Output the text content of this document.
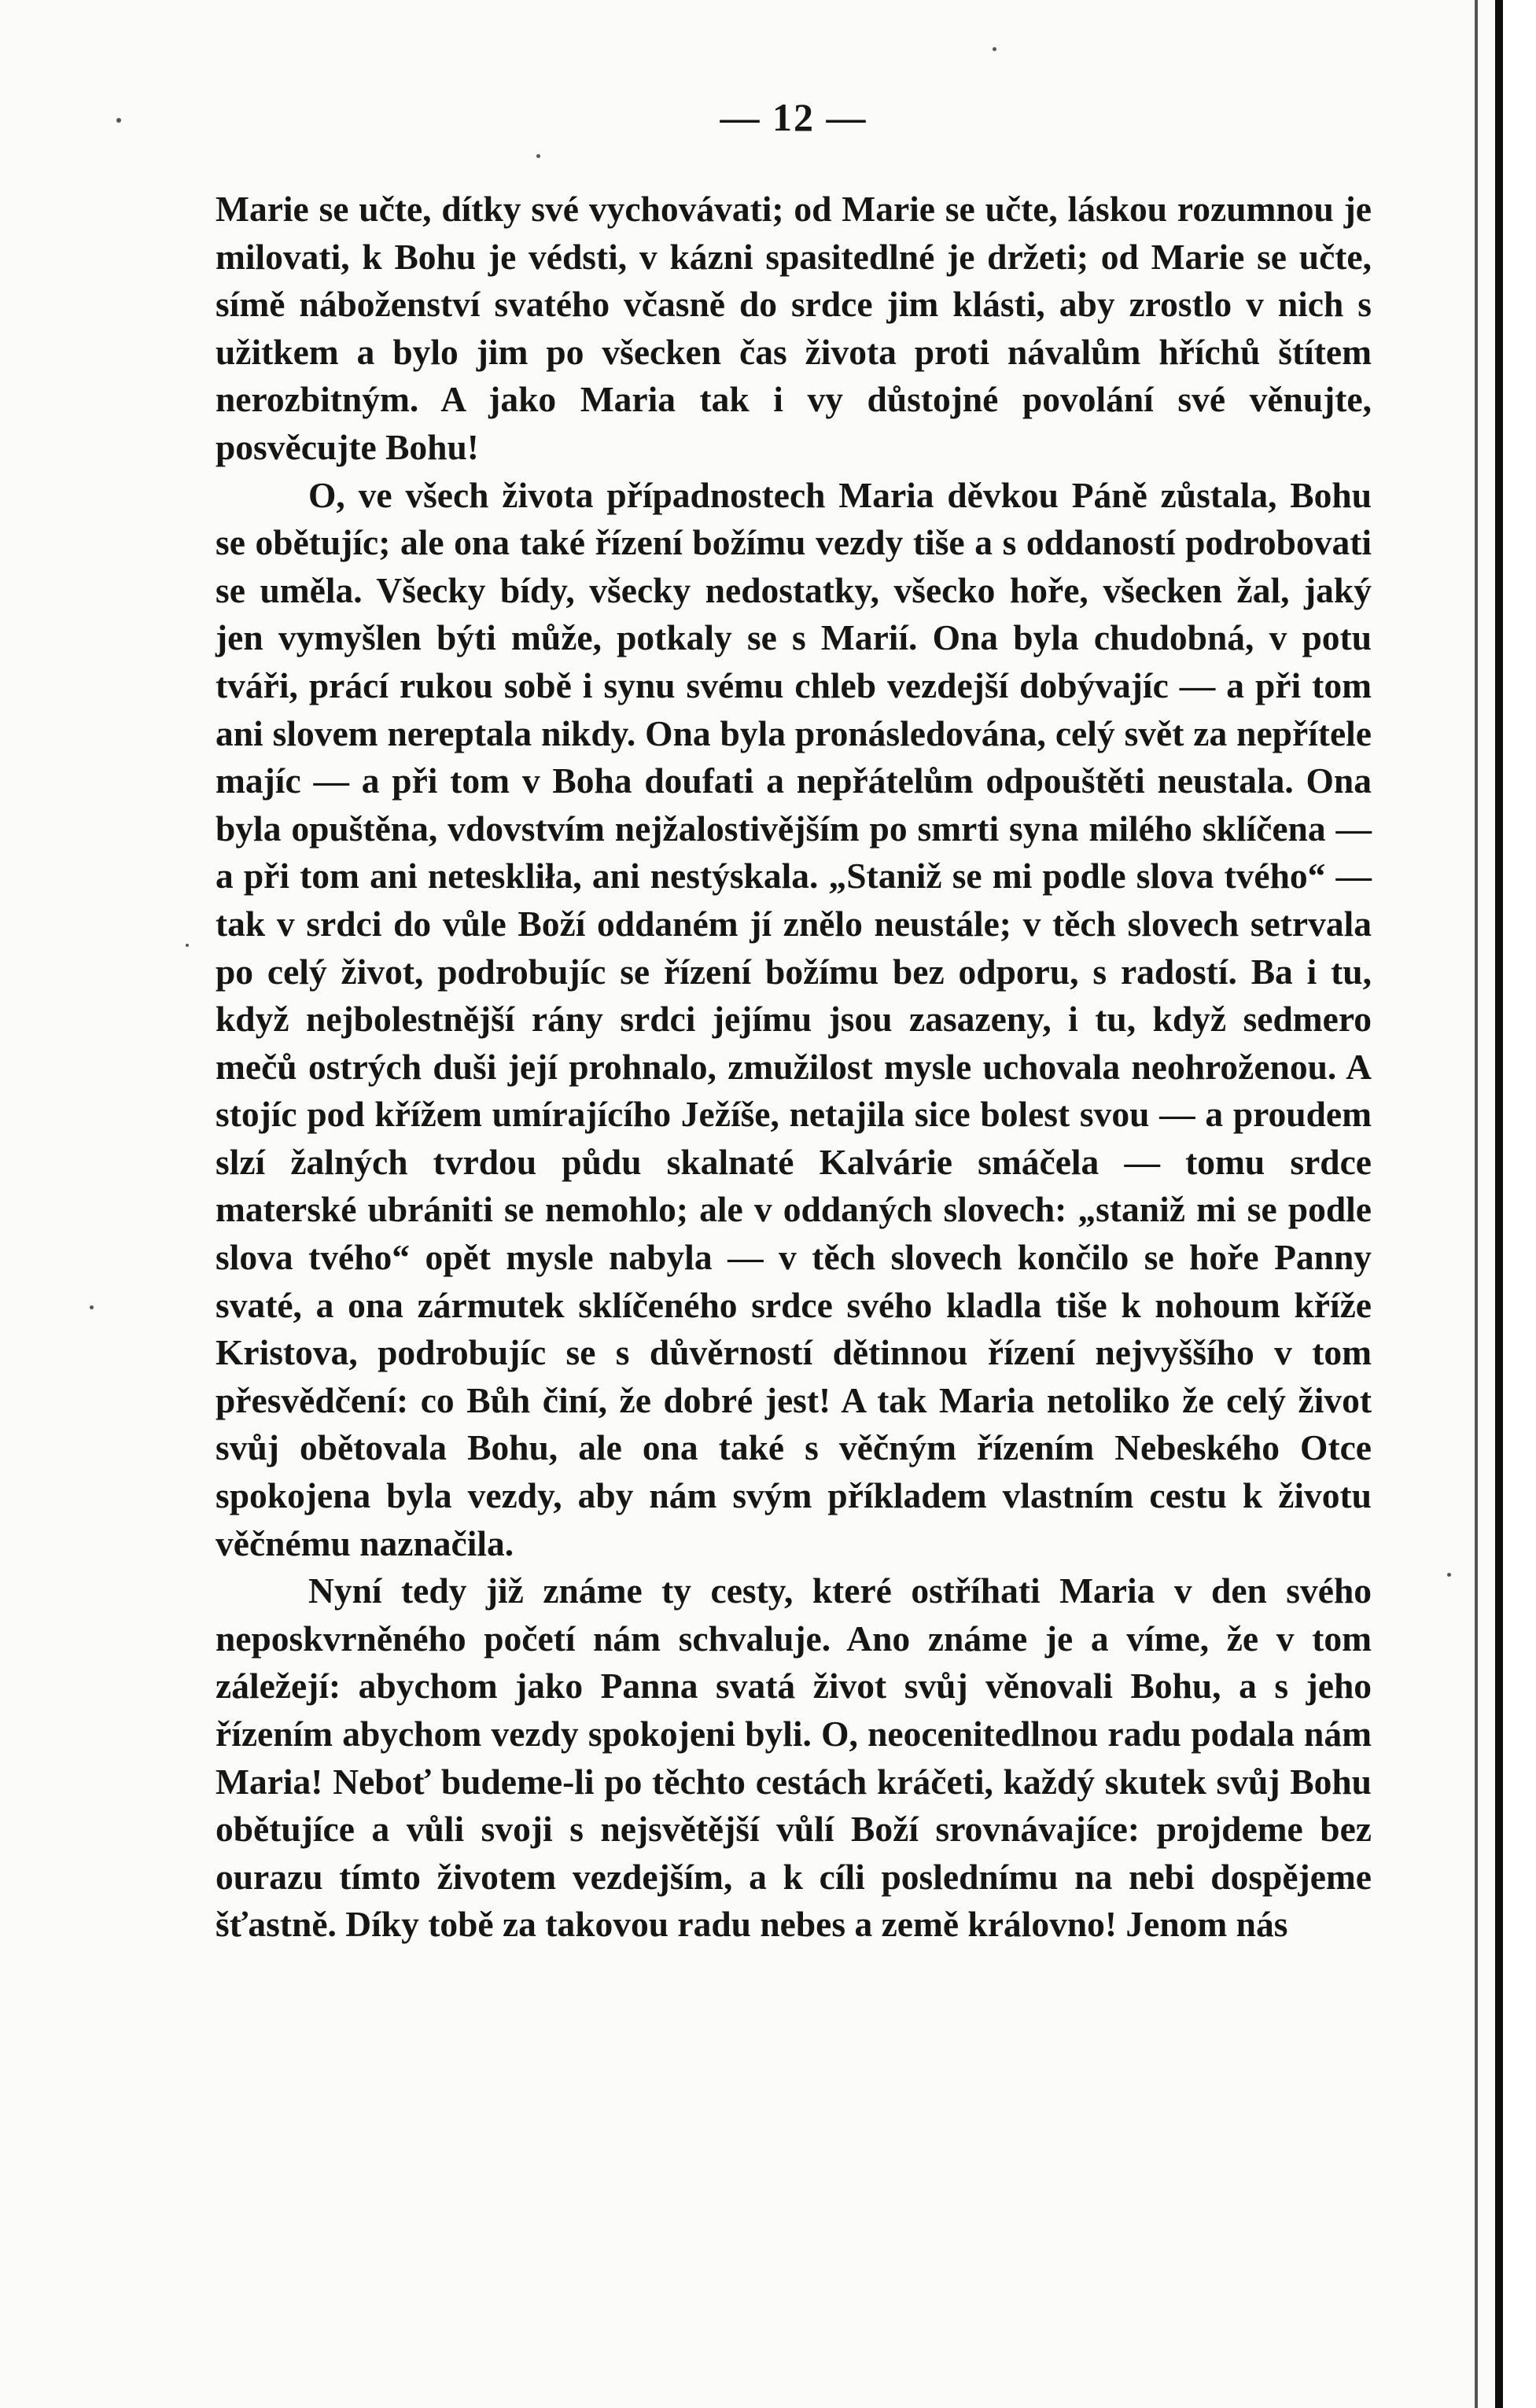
— 12 —

Marie se učte, dítky své vychovávati; od Marie se učte, láskou rozumnou je milovati, k Bohu je védsti, v kázni spasitedlné je držeti; od Marie se učte, símě náboženství svatého včasně do srdce jim klásti, aby zrostlo v nich s užitkem a bylo jim po všecken čas života proti návalům hříchů štítem nerozbitným. A jako Maria tak i vy důstojné povolání své věnujte, posvěcujte Bohu!

O, ve všech života případnostech Maria děvkou Páně zůstala, Bohu se obětujíc; ale ona také řízení božímu vezdy tiše a s oddaností podrobovati se uměla. Všecky bídy, všecky nedostatky, všecko hoře, všecken žal, jaký jen vymyšlen býti může, potkaly se s Marií. Ona byla chudobná, v potu tváři, prácí rukou sobě i synu svému chleb vezdejší dobývajíc — a při tom ani slovem nereptala nikdy. Ona byla pronásledována, celý svět za nepřítele majíc — a při tom v Boha doufati a nepřátelům odpouštěti neustala. Ona byla opuštěna, vdovstvím nejžalostivějším po smrti syna milého sklíčena — a při tom ani neteskliła, ani nestýskala. „Staniž se mi podle slova tvého“ — tak v srdci do vůle Boží oddaném jí znělo neustále; v těch slovech setrvala po celý život, podrobujíc se řízení božímu bez odporu, s radostí. Ba i tu, když nejbolestnější rány srdci jejímu jsou zasazeny, i tu, když sedmero mečů ostrých duši její prohnalo, zmužilost mysle uchovala neohroženou. A stojíc pod křížem umírajícího Ježíše, netajila sice bolest svou — a proudem slzí žalných tvrdou půdu skalnaté Kalvárie smáčela — tomu srdce materské ubrániti se nemohlo; ale v oddaných slovech: „staniž mi se podle slova tvého“ opět mysle nabyla — v těch slovech končilo se hoře Panny svaté, a ona zármutek sklíčeného srdce svého kladla tiše k nohoum kříže Kristova, podrobujíc se s důvěrností dětinnou řízení nejvyššího v tom přesvědčení: co Bůh činí, že dobré jest! A tak Maria netoliko že celý život svůj obětovala Bohu, ale ona také s věčným řízením Nebeského Otce spokojena byla vezdy, aby nám svým příkladem vlastním cestu k životu věčnému naznačila.

Nyní tedy již známe ty cesty, které ostříhati Maria v den svého neposkvrněného početí nám schvaluje. Ano známe je a víme, že v tom záležejí: abychom jako Panna svatá život svůj věnovali Bohu, a s jeho řízením abychom vezdy spokojeni byli. O, neocenitedlnou radu podala nám Maria! Neboť budeme-li po těchto cestách kráčeti, každý skutek svůj Bohu obětujíce a vůli svoji s nejsvětější vůlí Boží srovnávajíce: projdeme bez ourazu tímto životem vezdejším, a k cíli poslednímu na nebi dospějeme šťastně. Díky tobě za takovou radu nebes a země královno! Jenom nás
